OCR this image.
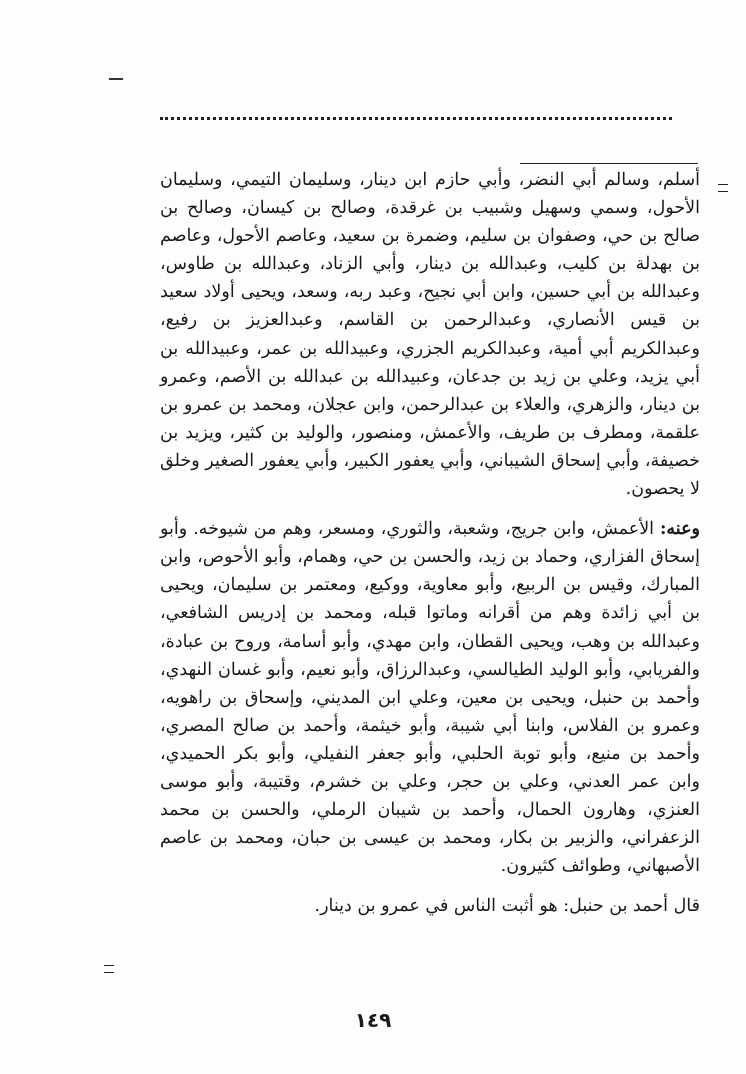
أسلم، وسالم أبي النضر، وأبي حازم ابن دينار، وسليمان التيمي، وسليمان الأحول، وسمي وسهيل وشبيب بن غرقدة، وصالح بن كيسان، وصالح بن صالح بن حي، وصفوان بن سليم، وضمرة بن سعيد، وعاصم الأحول، وعاصم بن بهدلة بن كليب، وعبدالله بن دينار، وأبي الزناد، وعبدالله بن طاوس، وعبدالله بن أبي حسين، وابن أبي نجيح، وعبد ربه، وسعد، ويحيى أولاد سعيد بن قيس الأنصاري، وعبدالرحمن بن القاسم، وعبدالعزيز بن رفيع، وعبدالكريم أبي أمية، وعبدالكريم الجزري، وعبيدالله بن عمر، وعبيدالله بن أبي يزيد، وعلي بن زيد بن جدعان، وعبيدالله بن عبدالله بن الأصم، وعمرو بن دينار، والزهري، والعلاء بن عبدالرحمن، وابن عجلان، ومحمد بن عمرو بن علقمة، ومطرف بن طريف، والأعمش، ومنصور، والوليد بن كثير، ويزيد بن خصيفة، وأبي إسحاق الشيباني، وأبي يعفور الكبير، وأبي يعفور الصغير وخلق لا يحصون.

وعنه: الأعمش، وابن جريج، وشعبة، والثوري، ومسعر، وهم من شيوخه. وأبو إسحاق الفزاري، وحماد بن زيد، والحسن بن حي، وهمام، وأبو الأحوص، وابن المبارك، وقيس بن الربيع، وأبو معاوية، ووكيع، ومعتمر بن سليمان، ويحيى بن أبي زائدة وهم من أقرانه وماتوا قبله، ومحمد بن إدريس الشافعي، وعبدالله بن وهب، ويحيى القطان، وابن مهدي، وأبو أسامة، وروح بن عبادة، والفريابي، وأبو الوليد الطيالسي، وعبدالرزاق، وأبو نعيم، وأبو غسان النهدي، وأحمد بن حنبل، ويحيى بن معين، وعلي ابن المديني، وإسحاق بن راهويه، وعمرو بن الفلاس، وابنا أبي شيبة، وأبو خيثمة، وأحمد بن صالح المصري، وأحمد بن منيع، وأبو توبة الحلبي، وأبو جعفر النفيلي، وأبو بكر الحميدي، وابن عمر العدني، وعلي بن حجر، وعلي بن خشرم، وقتيبة، وأبو موسى العنزي، وهارون الحمال، وأحمد بن شيبان الرملي، والحسن بن محمد الزعفراني، والزبير بن بكار، ومحمد بن عيسى بن حبان، ومحمد بن عاصم الأصبهاني، وطوائف كثيرون.

قال أحمد بن حنبل: هو أثبت الناس في عمرو بن دينار.

١٤٩
